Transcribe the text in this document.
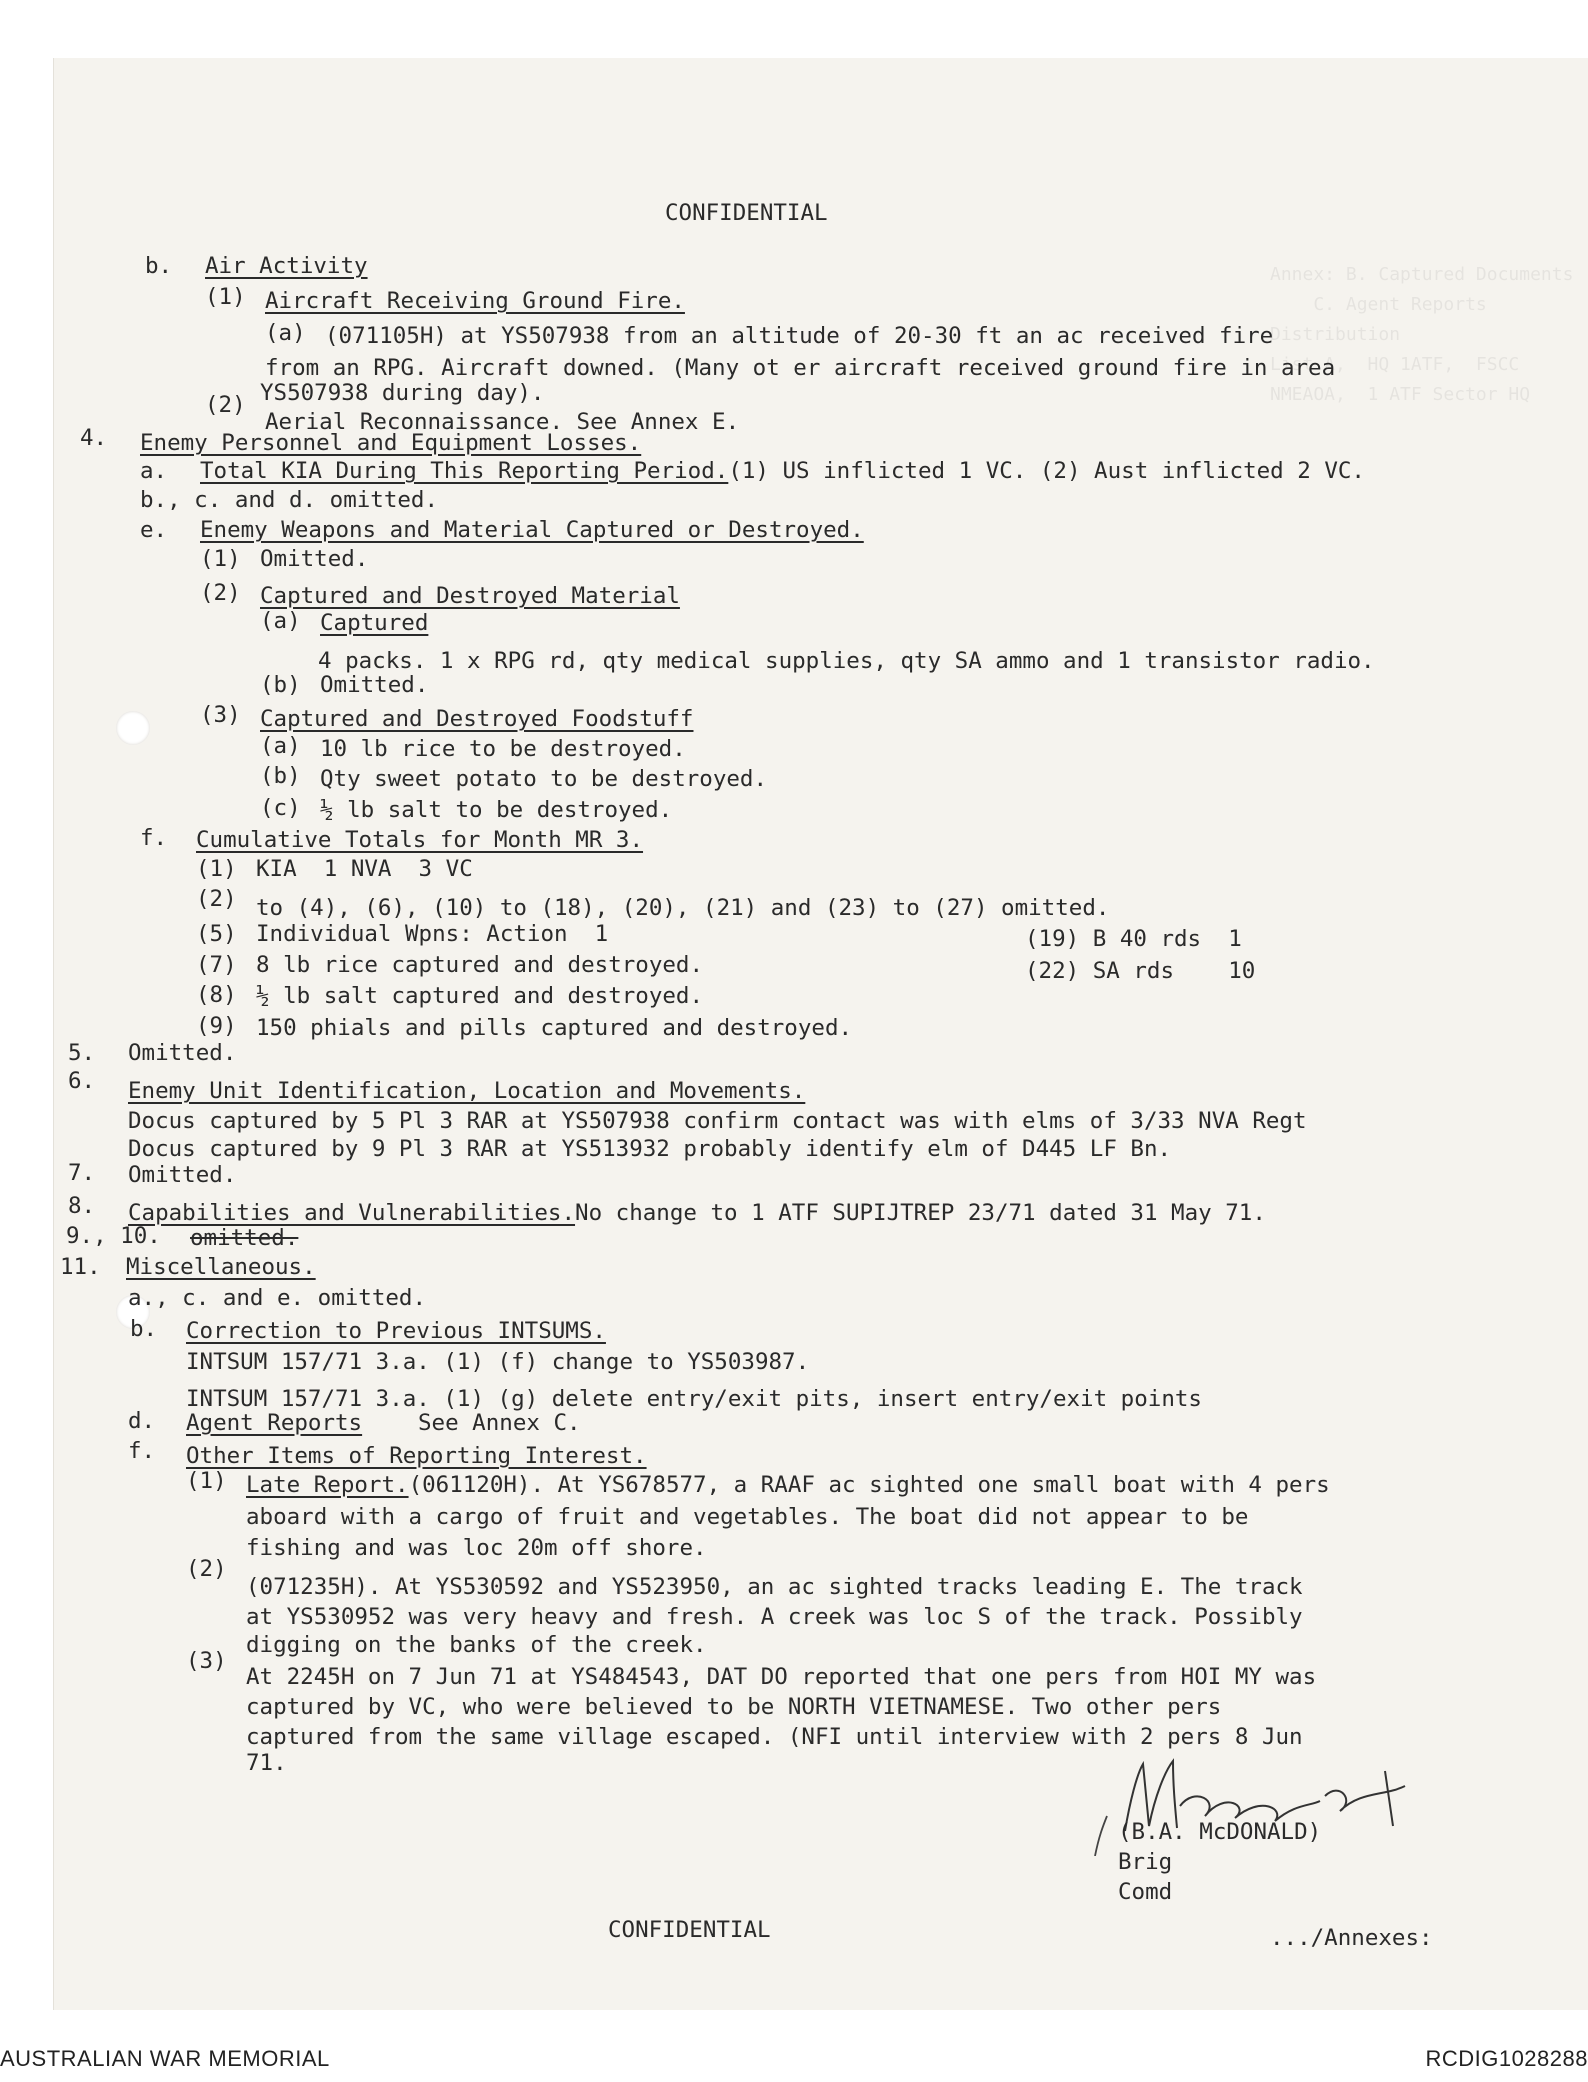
Annex: B. Captured Documents
C. Agent Reports
Distribution
List A,  HQ 1ATF,  FSCC
NMEAOA,  1 ATF Sector HQ
CONFIDENTIAL
b. Air Activity
(1) Aircraft Receiving Ground Fire.
(a) (071105H) at YS507938 from an altitude of 20-30 ft an ac received fire
from an RPG. Aircraft downed. (Many ot er aircraft received ground fire in area
YS507938 during day).
(2)
Aerial Reconnaissance. See Annex E.
4. Enemy Personnel and Equipment Losses.
a. Total KIA During This Reporting Period.(1) US inflicted 1 VC. (2) Aust inflicted 2 VC.
b., c. and d. omitted.
e. Enemy Weapons and Material Captured or Destroyed.
(1) Omitted.
(2) Captured and Destroyed Material
(a) Captured
4 packs. 1 x RPG rd, qty medical supplies, qty SA ammo and 1 transistor radio.
(b) Omitted.
(3) Captured and Destroyed Foodstuff
(a) 10 lb rice to be destroyed.
(b) Qty sweet potato to be destroyed.
(c) ½ lb salt to be destroyed.
f. Cumulative Totals for Month MR 3.
(1) KIA  1 NVA  3 VC
(2) to (4), (6), (10) to (18), (20), (21) and (23) to (27) omitted.
(5) Individual Wpns: Action  1	(19) B 40 rds  1
(7) 8 lb rice captured and destroyed.	(22) SA rds    10
(8) ½ lb salt captured and destroyed.
(9) 150 phials and pills captured and destroyed.
5. Omitted.
6. Enemy Unit Identification, Location and Movements.
Docus captured by 5 Pl 3 RAR at YS507938 confirm contact was with elms of 3/33 NVA Regt
Docus captured by 9 Pl 3 RAR at YS513932 probably identify elm of D445 LF Bn.
7. Omitted.
8. Capabilities and Vulnerabilities.No change to 1 ATF SUPIJTREP 23/71 dated 31 May 71.
9., 10. omitted.
11. Miscellaneous.
a., c. and e. omitted.
b. Correction to Previous INTSUMS.
INTSUM 157/71 3.a. (1) (f) change to YS503987.
INTSUM 157/71 3.a. (1) (g) delete entry/exit pits, insert entry/exit points
d. Agent Reports See Annex C.
f. Other Items of Reporting Interest.
(1) Late Report.(061120H). At YS678577, a RAAF ac sighted one small boat with 4 pers
aboard with a cargo of fruit and vegetables. The boat did not appear to be
fishing and was loc 20m off shore.
(2)
(071235H). At YS530592 and YS523950, an ac sighted tracks leading E. The track
at YS530952 was very heavy and fresh. A creek was loc S of the track. Possibly
digging on the banks of the creek.
(3)
At 2245H on 7 Jun 71 at YS484543, DAT DO reported that one pers from HOI MY was
captured by VC, who were believed to be NORTH VIETNAMESE. Two other pers
captured from the same village escaped. (NFI until interview with 2 pers 8 Jun
71.
(B.A. McDONALD)
Brig
Comd
CONFIDENTIAL	.../Annexes:
AUSTRALIAN WAR MEMORIAL	RCDIG1028288
